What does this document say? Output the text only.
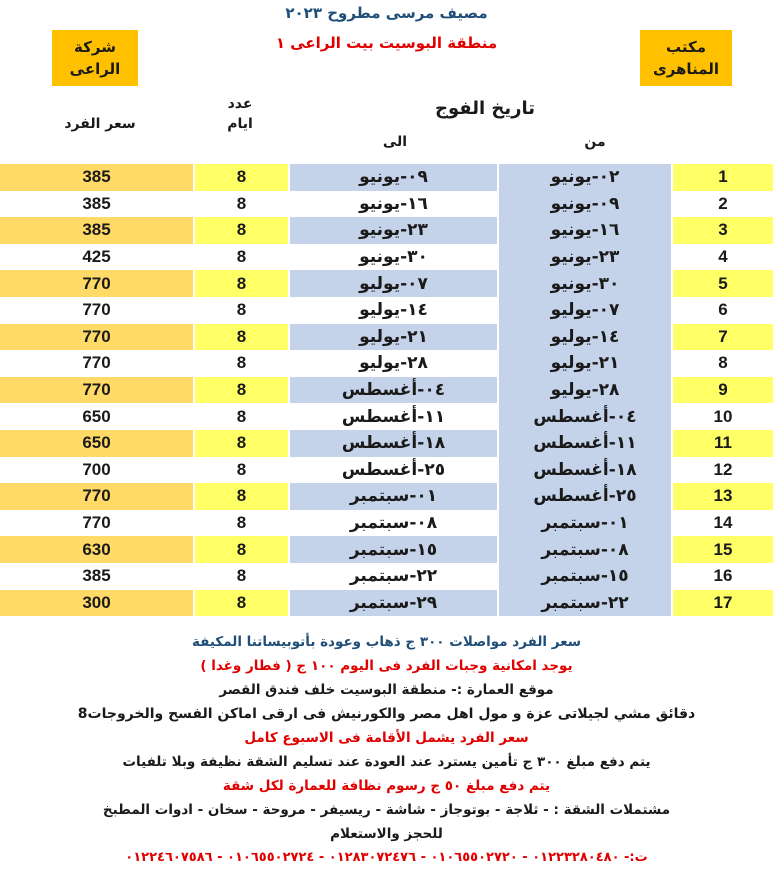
مصيف مرسى مطروح ٢٠٢٣
منطقة البوسيت بيت الراعى ١
شركة
الراعى
مكتب
المناهرى
سعر الفرد
عدد
ايام
تاريخ الفوج
الى	من
385	8	٠٩-يونيو	٠٢-يونيو	1
385	8	١٦-يونيو	٠٩-يونيو	2
385	8	٢٣-يونيو	١٦-يونيو	3
425	8	٣٠-يونيو	٢٣-يونيو	4
770	8	٠٧-يوليو	٣٠-يونيو	5
770	8	١٤-يوليو	٠٧-يوليو	6
770	8	٢١-يوليو	١٤-يوليو	7
770	8	٢٨-يوليو	٢١-يوليو	8
770	8	٠٤-أغسطس	٢٨-يوليو	9
650	8	١١-أغسطس	٠٤-أغسطس	10
650	8	١٨-أغسطس	١١-أغسطس	11
700	8	٢٥-أغسطس	١٨-أغسطس	12
770	8	٠١-سبتمبر	٢٥-أغسطس	13
770	8	٠٨-سبتمبر	٠١-سبتمبر	14
630	8	١٥-سبتمبر	٠٨-سبتمبر	15
385	8	٢٢-سبتمبر	١٥-سبتمبر	16
300	8	٢٩-سبتمبر	٢٢-سبتمبر	17
سعر الفرد مواصلات ٣٠٠ ج ذهاب وعودة بأتوبيساتنا المكيفة
يوجد امكانية وجبات الفرد فى اليوم ١٠٠ ج ( فطار وغدا )
موقع العمارة :- منطقة البوسيت خلف فندق القصر
8دقائق مشي لجيلاتى عزة و مول اهل مصر والكورنيش فى ارقى اماكن الفسح والخروجات
سعر الفرد يشمل الأقامة فى الاسبوع كامل
يتم دفع مبلغ ٣٠٠ ج تأمين يسترد عند العودة عند تسليم الشقة نظيفة وبلا تلفيات
يتم دفع مبلغ ٥٠ ج رسوم نظافة للعمارة لكل شقة
مشتملات الشقة : - ثلاجة - بوتوجاز - شاشة - ريسيفر - مروحة - سخان - ادوات المطبخ
للحجز والاستعلام
ت:- ٠١٢٢٣٢٨٠٤٨٠ - ٠١٠٦٥٥٠٢٧٢٠ - ٠١٢٨٣٠٧٢٤٧٦ - ٠١٠٦٥٥٠٢٧٢٤ - ٠١٢٢٤٦٠٧٥٨٦
